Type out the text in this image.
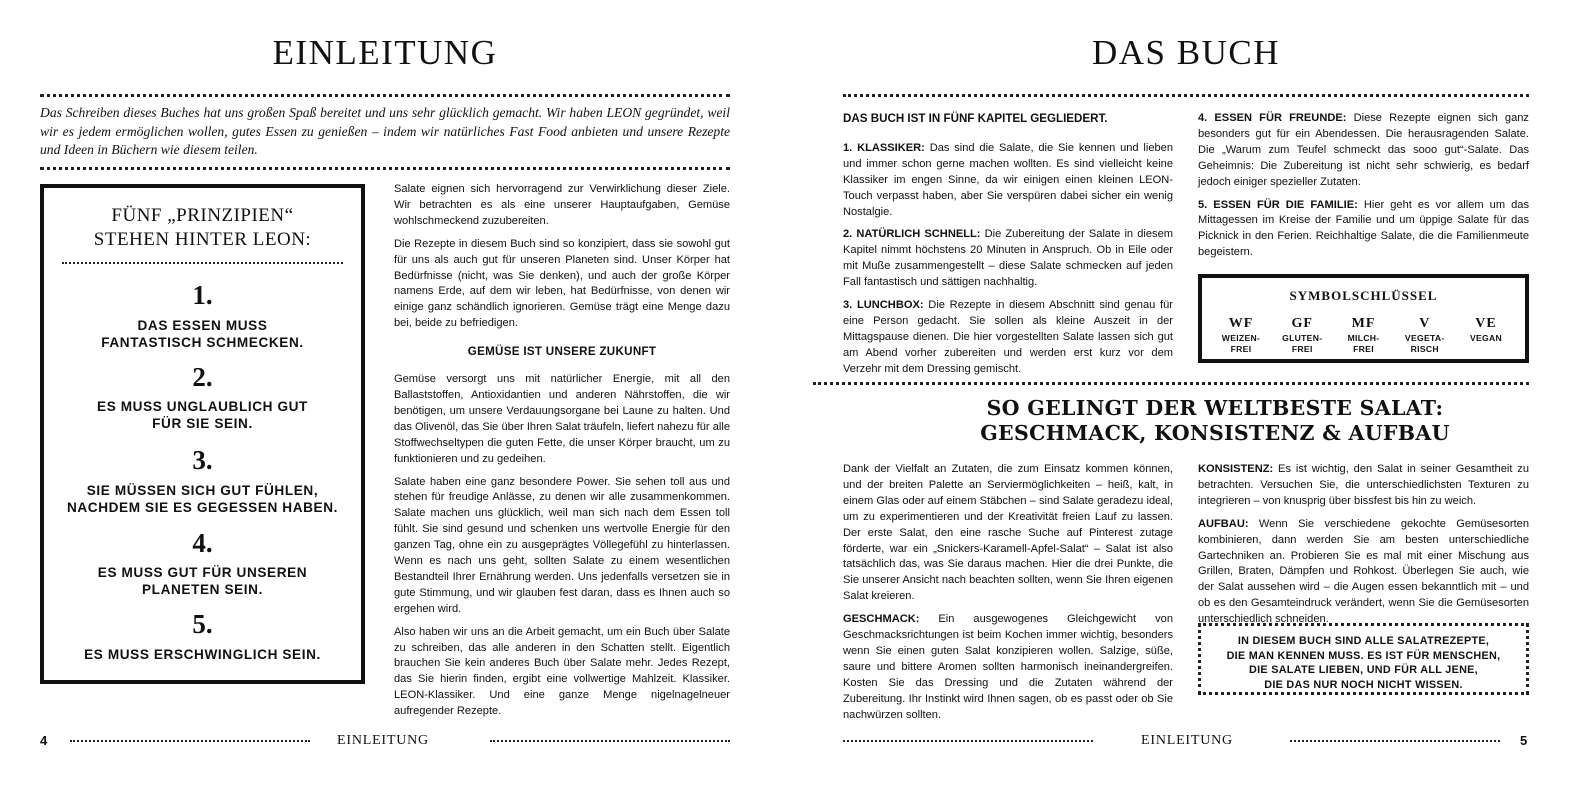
EINLEITUNG
Das Schreiben dieses Buches hat uns großen Spaß bereitet und uns sehr glücklich gemacht. Wir haben LEON gegründet, weil wir es jedem ermöglichen wollen, gutes Essen zu genießen – indem wir natürliches Fast Food anbieten und unsere Rezepte und Ideen in Büchern wie diesem teilen.
FÜNF „PRINZIPIEN“
STEHEN HINTER LEON:
1.
DAS ESSEN MUSS
FANTASTISCH SCHMECKEN.
2.
ES MUSS UNGLAUBLICH GUT
FÜR SIE SEIN.
3.
SIE MÜSSEN SICH GUT FÜHLEN,
NACHDEM SIE ES GEGESSEN HABEN.
4.
ES MUSS GUT FÜR UNSEREN
PLANETEN SEIN.
5.
ES MUSS ERSCHWINGLICH SEIN.

Salate eignen sich hervorragend zur Verwirklichung dieser Ziele. Wir betrachten es als eine unserer Hauptaufgaben, Gemüse wohlschmeckend zuzubereiten.

Die Rezepte in diesem Buch sind so konzipiert, dass sie sowohl gut für uns als auch gut für unseren Planeten sind. Unser Körper hat Bedürfnisse (nicht, was Sie denken), und auch der große Körper namens Erde, auf dem wir leben, hat Bedürfnisse, von denen wir einige ganz schändlich ignorieren. Gemüse trägt eine Menge dazu bei, beide zu befriedigen.

GEMÜSE IST UNSERE ZUKUNFT

Gemüse versorgt uns mit natürlicher Energie, mit all den Ballaststoffen, Antioxidantien und anderen Nährstoffen, die wir benötigen, um unsere Verdauungsorgane bei Laune zu halten. Und das Olivenöl, das Sie über Ihren Salat träufeln, liefert nahezu für alle Stoffwechseltypen die guten Fette, die unser Körper braucht, um zu funktionieren und zu gedeihen.

Salate haben eine ganz besondere Power. Sie sehen toll aus und stehen für freudige Anlässe, zu denen wir alle zusammenkommen. Salate machen uns glücklich, weil man sich nach dem Essen toll fühlt. Sie sind gesund und schenken uns wertvolle Energie für den ganzen Tag, ohne ein zu ausgeprägtes Völlegefühl zu hinterlassen. Wenn es nach uns geht, sollten Salate zu einem wesentlichen Bestandteil Ihrer Ernährung werden. Uns jedenfalls versetzen sie in gute Stimmung, und wir glauben fest daran, dass es Ihnen auch so ergehen wird.

Also haben wir uns an die Arbeit gemacht, um ein Buch über Salate zu schreiben, das alle anderen in den Schatten stellt. Eigentlich brauchen Sie kein anderes Buch über Salate mehr. Jedes Rezept, das Sie hierin finden, ergibt eine vollwertige Mahlzeit. Klassiker. LEON-Klassiker. Und eine ganze Menge nigelnagelneuer aufregender Rezepte.

4	EINLEITUNG
DAS BUCH

DAS BUCH IST IN FÜNF KAPITEL GEGLIEDERT.

1. KLASSIKER: Das sind die Salate, die Sie kennen und lieben und immer schon gerne machen wollten. Es sind vielleicht keine Klassiker im engen Sinne, da wir einigen einen kleinen LEON-Touch verpasst haben, aber Sie verspüren dabei sicher ein wenig Nostalgie.

2. NATÜRLICH SCHNELL: Die Zubereitung der Salate in diesem Kapitel nimmt höchstens 20 Minuten in Anspruch. Ob in Eile oder mit Muße zusammengestellt – diese Salate schmecken auf jeden Fall fantastisch und sättigen nachhaltig.

3. LUNCHBOX: Die Rezepte in diesem Abschnitt sind genau für eine Person gedacht. Sie sollen als kleine Auszeit in der Mittagspause dienen. Die hier vorgestellten Salate lassen sich gut am Abend vorher zubereiten und werden erst kurz vor dem Verzehr mit dem Dressing gemischt.

4. ESSEN FÜR FREUNDE: Diese Rezepte eignen sich ganz besonders gut für ein Abendessen. Die herausragenden Salate. Die „Warum zum Teufel schmeckt das sooo gut“-Salate. Das Geheimnis: Die Zubereitung ist nicht sehr schwierig, es bedarf jedoch einiger spezieller Zutaten.

5. ESSEN FÜR DIE FAMILIE: Hier geht es vor allem um das Mittagessen im Kreise der Familie und um üppige Salate für das Picknick in den Ferien. Reichhaltige Salate, die die Familienmeute begeistern.

SYMBOLSCHLÜSSEL
WF
WEIZEN-
FREI
GF
GLUTEN-
FREI
MF
MILCH-
FREI
V
VEGETA-
RISCH
VE
VEGAN
SO GELINGT DER WELTBESTE SALAT:
GESCHMACK, KONSISTENZ & AUFBAU

Dank der Vielfalt an Zutaten, die zum Einsatz kommen können, und der breiten Palette an Serviermöglichkeiten – heiß, kalt, in einem Glas oder auf einem Stäbchen – sind Salate geradezu ideal, um zu experimentieren und der Kreativität freien Lauf zu lassen. Der erste Salat, den eine rasche Suche auf Pinterest zutage förderte, war ein „Snickers-Karamell-Apfel-Salat“ – Salat ist also tatsächlich das, was Sie daraus machen. Hier die drei Punkte, die Sie unserer Ansicht nach beachten sollten, wenn Sie Ihren eigenen Salat kreieren.

GESCHMACK: Ein ausgewogenes Gleichgewicht von Geschmacksrichtungen ist beim Kochen immer wichtig, besonders wenn Sie einen guten Salat konzipieren wollen. Salzige, süße, saure und bittere Aromen sollten harmonisch ineinandergreifen. Kosten Sie das Dressing und die Zutaten während der Zubereitung. Ihr Instinkt wird Ihnen sagen, ob es passt oder ob Sie nachwürzen sollten.

KONSISTENZ: Es ist wichtig, den Salat in seiner Gesamtheit zu betrachten. Versuchen Sie, die unterschiedlichsten Texturen zu integrieren – von knusprig über bissfest bis hin zu weich.

AUFBAU: Wenn Sie verschiedene gekochte Gemüsesorten kombinieren, dann werden Sie am besten unterschiedliche Gartechniken an. Probieren Sie es mal mit einer Mischung aus Grillen, Braten, Dämpfen und Rohkost. Überlegen Sie auch, wie der Salat aussehen wird – die Augen essen bekanntlich mit – und ob es den Gesamteindruck verändert, wenn Sie die Gemüsesorten unterschiedlich schneiden.

IN DIESEM BUCH SIND ALLE SALATREZEPTE,
DIE MAN KENNEN MUSS. ES IST FÜR MENSCHEN,
DIE SALATE LIEBEN, UND FÜR ALL JENE,
DIE DAS NUR NOCH NICHT WISSEN.
EINLEITUNG	5
